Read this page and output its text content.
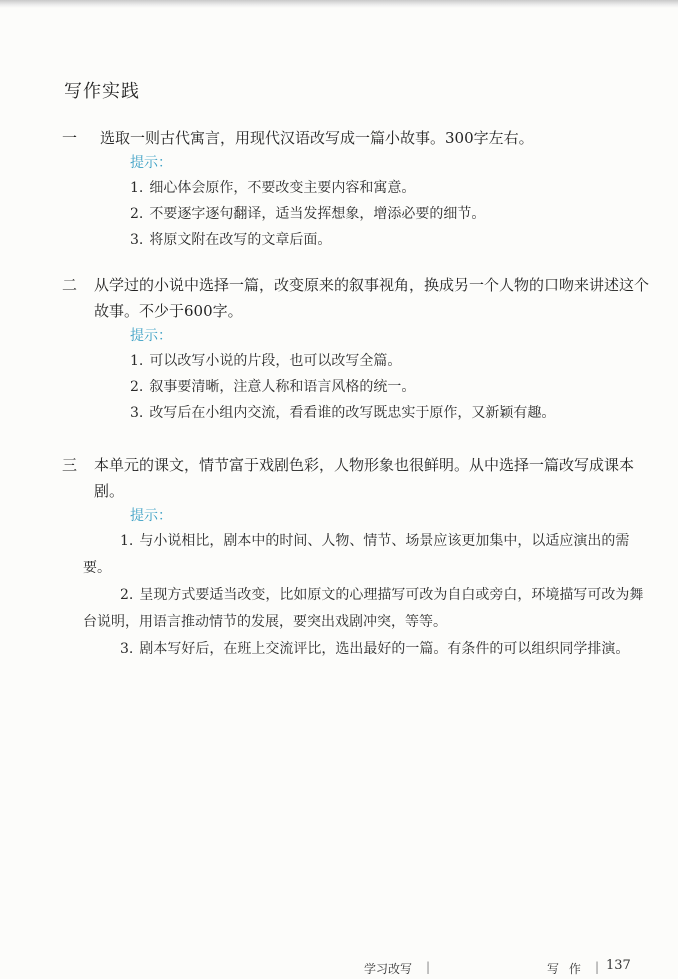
写作实践
一	选取一则古代寓言，用现代汉语改写成一篇小故事。300字左右。
提示：
1. 细心体会原作，不要改变主要内容和寓意。
2. 不要逐字逐句翻译，适当发挥想象，增添必要的细节。
3. 将原文附在改写的文章后面。
二	从学过的小说中选择一篇，改变原来的叙事视角，换成另一个人物的口吻来讲述这个故事。不少于600字。
提示：
1. 可以改写小说的片段，也可以改写全篇。
2. 叙事要清晰，注意人称和语言风格的统一。
3. 改写后在小组内交流，看看谁的改写既忠实于原作，又新颖有趣。
三	本单元的课文，情节富于戏剧色彩，人物形象也很鲜明。从中选择一篇改写成课本剧。
提示：
1. 与小说相比，剧本中的时间、人物、情节、场景应该更加集中，以适应演出的需要。
2. 呈现方式要适当改变，比如原文的心理描写可改为自白或旁白，环境描写可改为舞台说明，用语言推动情节的发展，要突出戏剧冲突，等等。
3. 剧本写好后，在班上交流评比，选出最好的一篇。有条件的可以组织同学排演。
学习改写 |	写 作 | 137
